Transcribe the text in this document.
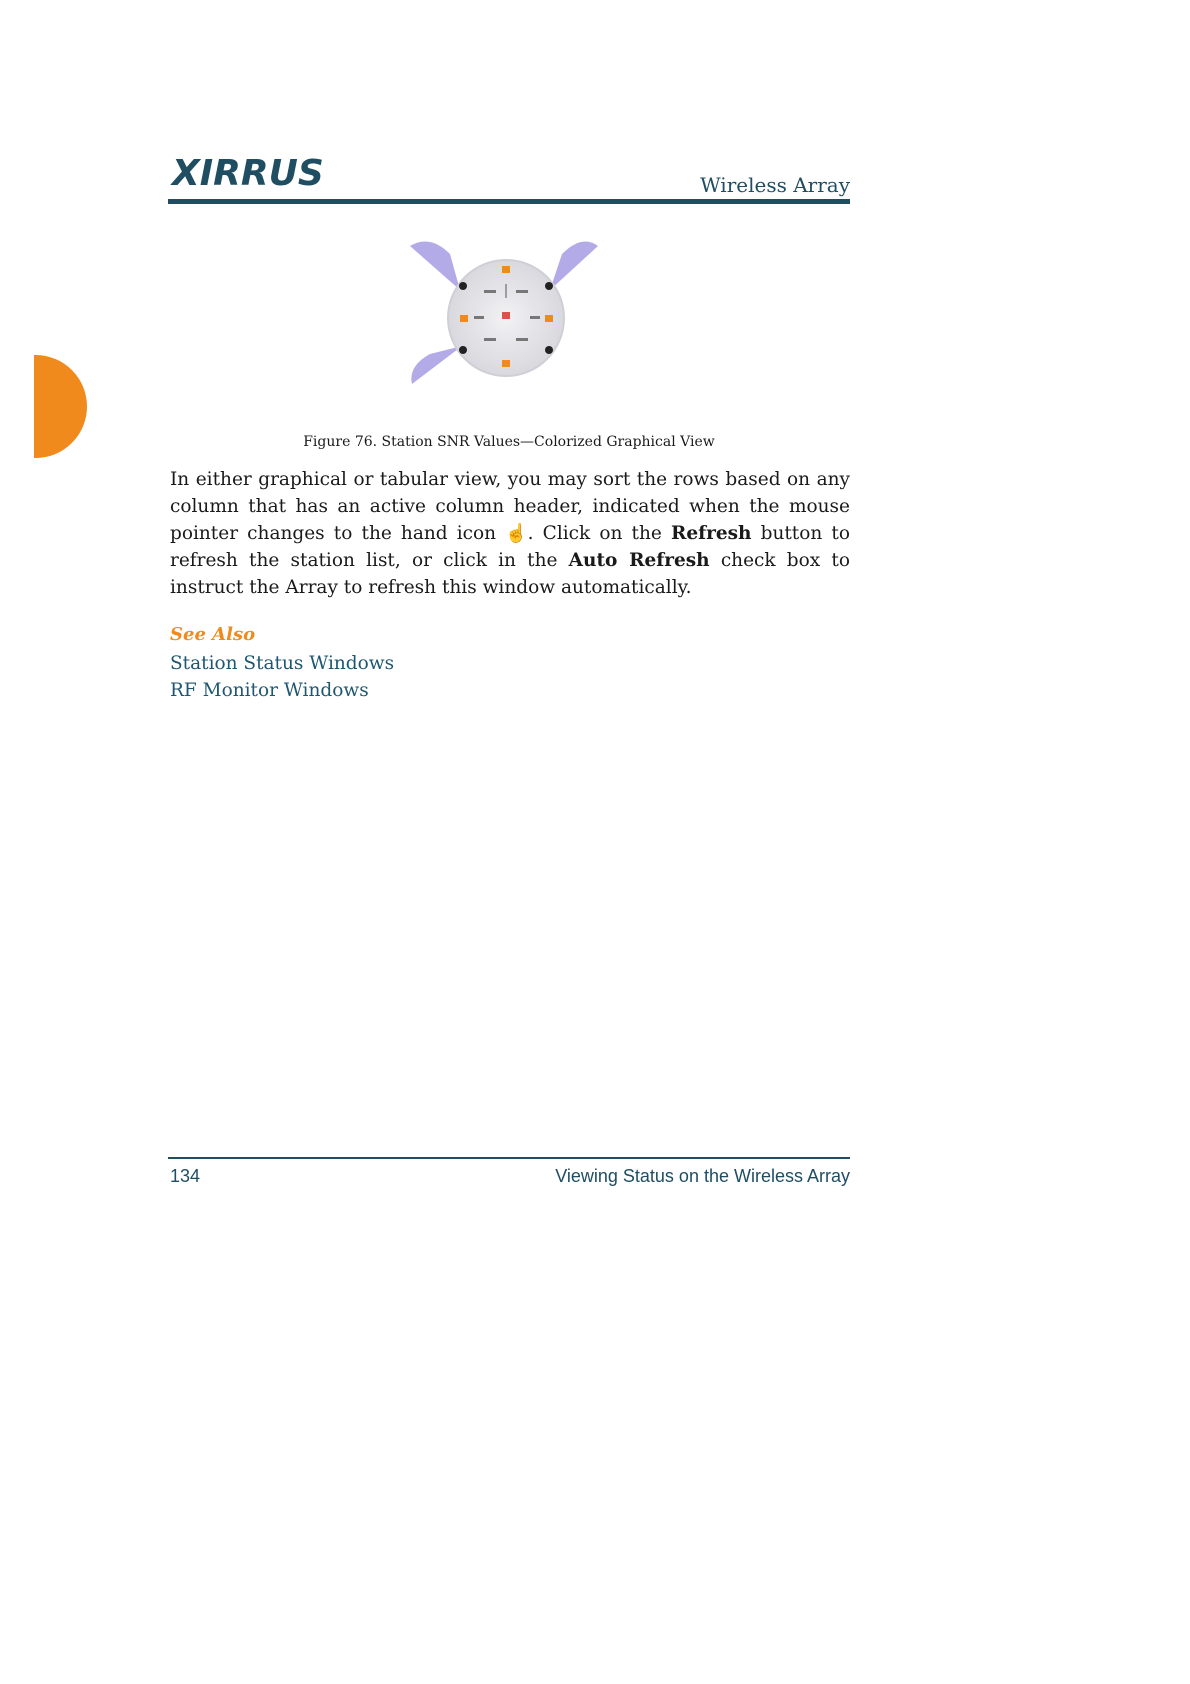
XIRRUS	Wireless Array
Figure 76. Station SNR Values—Colorized Graphical View
In either graphical or tabular view, you may sort the rows based on any column that has an active column header, indicated when the mouse pointer changes to the hand icon ☝. Click on the Refresh button to refresh the station list, or click in the Auto Refresh check box to instruct the Array to refresh this window automatically.
See Also
Station Status Windows
RF Monitor Windows
134	Viewing Status on the Wireless Array
